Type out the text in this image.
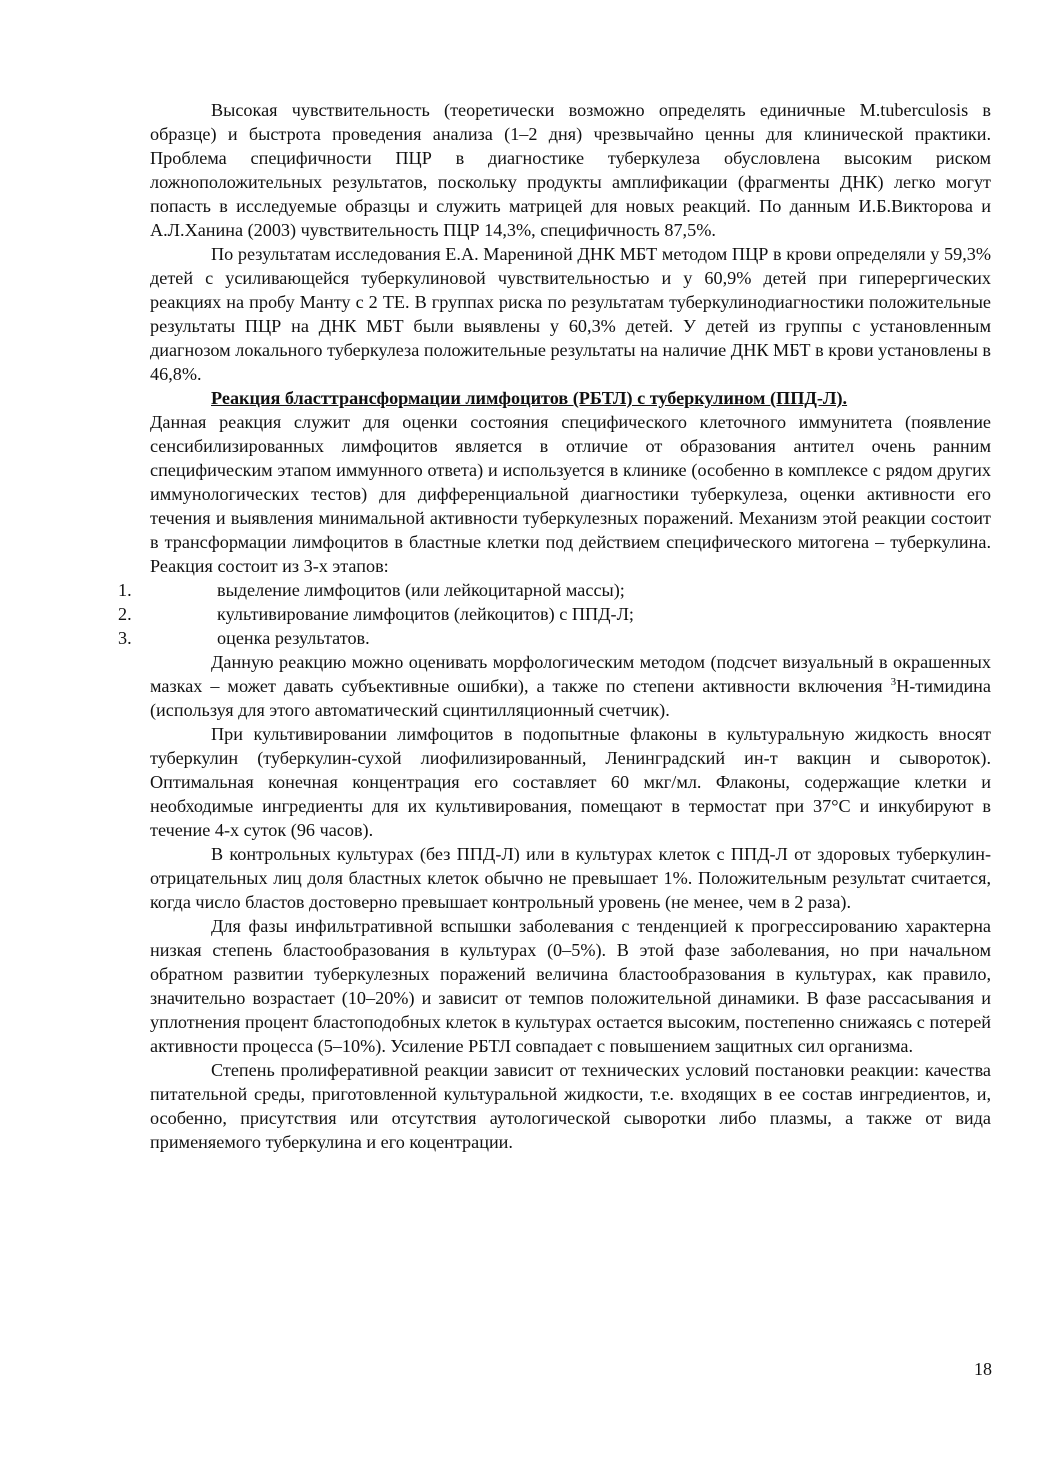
Высокая чувствительность (теоретически возможно определять единичные M.tuberculosis в образце) и быстрота проведения анализа (1–2 дня) чрезвычайно ценны для клинической практики. Проблема специфичности ПЦР в диагностике туберкулеза обусловлена высоким риском ложноположительных результатов, поскольку продукты амплификации (фрагменты ДНК) легко могут попасть в исследуемые образцы и служить матрицей для новых реакций. По данным И.Б.Викторова и А.Л.Ханина (2003) чувствительность ПЦР 14,3%, специфичность 87,5%.

По результатам исследования Е.А. Марениной ДНК МБТ методом ПЦР в крови определяли у 59,3% детей с усиливающейся туберкулиновой чувствительностью и у 60,9% детей при гиперергических реакциях на пробу Манту с 2 ТЕ. В группах риска по результатам туберкулинодиагностики положительные результаты ПЦР на ДНК МБТ были выявлены у 60,3% детей. У детей из группы с установленным диагнозом локального туберкулеза положительные результаты на наличие ДНК МБТ в крови установлены в 46,8%.

Реакция бласттрансформации лимфоцитов (РБТЛ) с туберкулином (ППД-Л).

Данная реакция служит для оценки состояния специфического клеточного иммунитета (появление сенсибилизированных лимфоцитов является в отличие от образования антител очень ранним специфическим этапом иммунного ответа) и используется в клинике (особенно в комплексе с рядом других иммунологических тестов) для дифференциальной диагностики туберкулеза, оценки активности его течения и выявления минимальной активности туберкулезных поражений. Механизм этой реакции состоит в трансформации лимфоцитов в бластные клетки под действием специфического митогена – туберкулина. Реакция состоит из 3-х этапов:

1.	выделение лимфоцитов (или лейкоцитарной массы);
2.	культивирование лимфоцитов (лейкоцитов) с ППД-Л;
3.	оценка результатов.

Данную реакцию можно оценивать морфологическим методом (подсчет визуальный в окрашенных мазках – может давать субъективные ошибки), а также по степени активности включения $^3$Н-тимидина (используя для этого автоматический сцинтилляционный счетчик).

При культивировании лимфоцитов в подопытные флаконы в культуральную жидкость вносят туберкулин (туберкулин-сухой лиофилизированный, Ленинградский ин-т вакцин и сывороток). Оптимальная конечная концентрация его составляет 60 мкг/мл. Флаконы, содержащие клетки и необходимые ингредиенты для их культивирования, помещают в термостат при 37°С и инкубируют в течение 4-х суток (96 часов).

В контрольных культурах (без ППД-Л) или в культурах клеток с ППД-Л от здоровых туберкулин-отрицательных лиц доля бластных клеток обычно не превышает 1%. Положительным результат считается, когда число бластов достоверно превышает контрольный уровень (не менее, чем в 2 раза).

Для фазы инфильтративной вспышки заболевания с тенденцией к прогрессированию характерна низкая степень бластообразования в культурах (0–5%). В этой фазе заболевания, но при начальном обратном развитии туберкулезных поражений величина бластообразования в культурах, как правило, значительно возрастает (10–20%) и зависит от темпов положительной динамики. В фазе рассасывания и уплотнения процент бластоподобных клеток в культурах остается высоким, постепенно снижаясь с потерей активности процесса (5–10%). Усиление РБТЛ совпадает с повышением защитных сил организма.

Степень пролиферативной реакции зависит от технических условий постановки реакции: качества питательной среды, приготовленной культуральной жидкости, т.е. входящих в ее состав ингредиентов, и, особенно, присутствия или отсутствия аутологической сыворотки либо плазмы, а также от вида применяемого туберкулина и его коцентрации.

18
